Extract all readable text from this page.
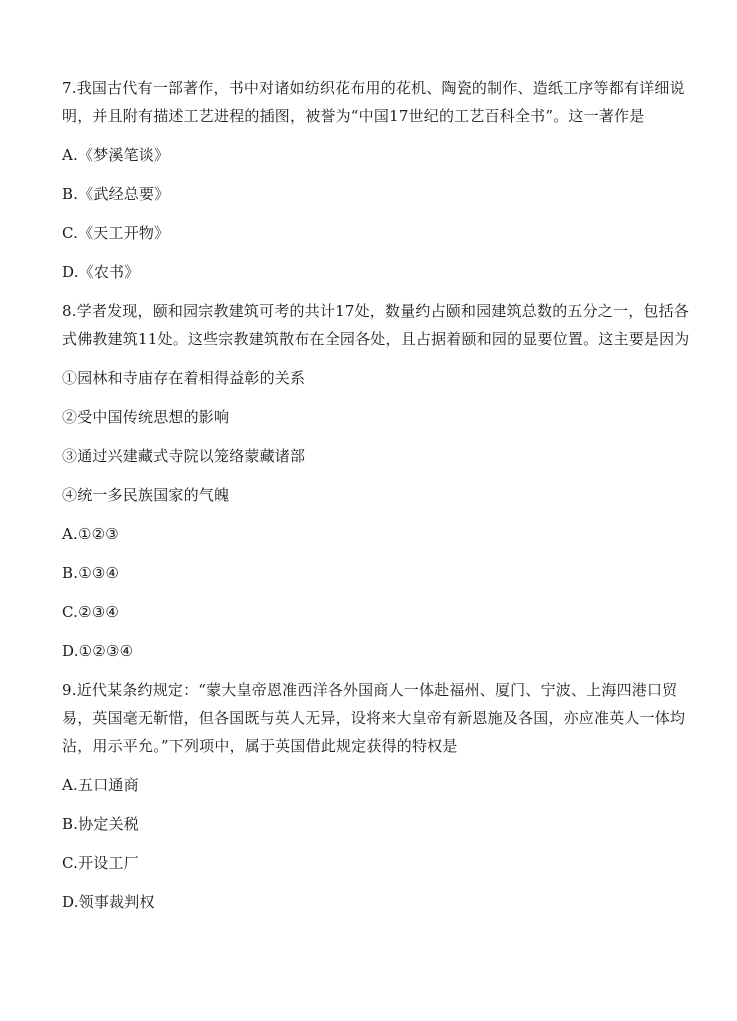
7.我国古代有一部著作，书中对诸如纺织花布用的花机、陶瓷的制作、造纸工序等都有详细说

明，并且附有描述工艺进程的插图，被誉为“中国17世纪的工艺百科全书”。这一著作是

A.《梦溪笔谈》

B.《武经总要》

C.《天工开物》

D.《农书》

8.学者发现，颐和园宗教建筑可考的共计17处，数量约占颐和园建筑总数的五分之一，包括各

式佛教建筑11处。这些宗教建筑散布在全园各处，且占据着颐和园的显要位置。这主要是因为

①园林和寺庙存在着相得益彰的关系

②受中国传统思想的影响

③通过兴建藏式寺院以笼络蒙藏诸部

④统一多民族国家的气魄

A.①②③

B.①③④

C.②③④

D.①②③④

9.近代某条约规定：“蒙大皇帝恩准西洋各外国商人一体赴福州、厦门、宁波、上海四港口贸

易，英国毫无靳惜，但各国既与英人无异，设将来大皇帝有新恩施及各国，亦应准英人一体均

沾，用示平允。”下列项中，属于英国借此规定获得的特权是

A.五口通商

B.协定关税

C.开设工厂

D.领事裁判权
